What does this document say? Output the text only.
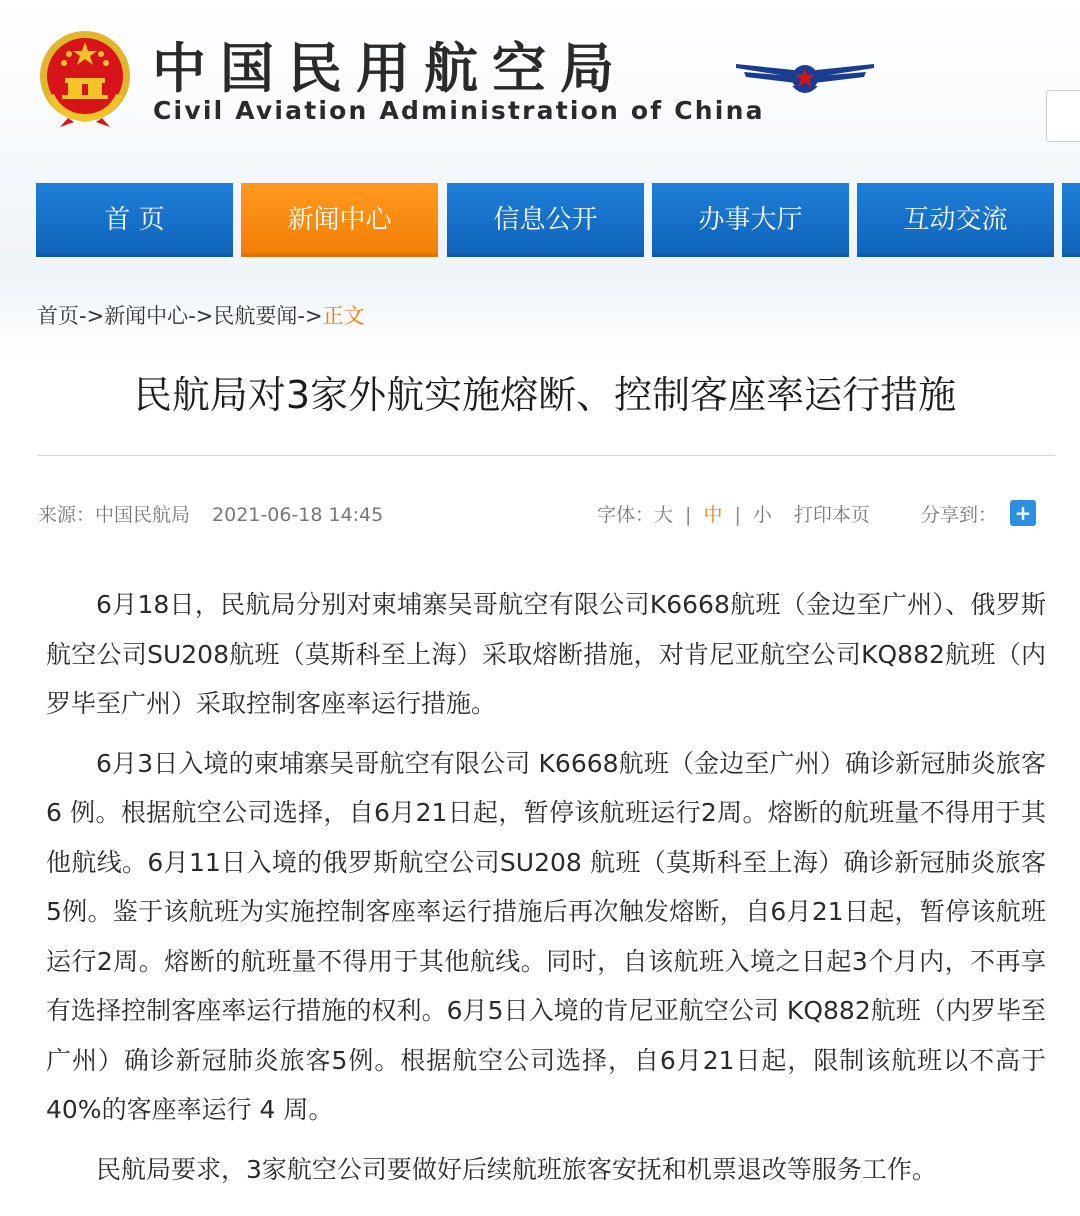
中国民用航空局
Civil Aviation Administration of China
首 页	新闻中心	信息公开	办事大厅	互动交流
首页->新闻中心->民航要闻->正文
民航局对3家外航实施熔断、控制客座率运行措施
来源：中国民航局 2021-06-18 14:45	字体：大 | 中 | 小 打印本页	分享到： +

6月18日，民航局分别对柬埔寨吴哥航空有限公司K6668航班（金边至广州）、俄罗斯航空公司SU208航班（莫斯科至上海）采取熔断措施，对肯尼亚航空公司KQ882航班（内罗毕至广州）采取控制客座率运行措施。

6月3日入境的柬埔寨吴哥航空有限公司 K6668航班（金边至广州）确诊新冠肺炎旅客 6 例。根据航空公司选择，自6月21日起，暂停该航班运行2周。熔断的航班量不得用于其他航线。6月11日入境的俄罗斯航空公司SU208 航班（莫斯科至上海）确诊新冠肺炎旅客5例。鉴于该航班为实施控制客座率运行措施后再次触发熔断，自6月21日起，暂停该航班运行2周。熔断的航班量不得用于其他航线。同时，自该航班入境之日起3个月内，不再享有选择控制客座率运行措施的权利。6月5日入境的肯尼亚航空公司 KQ882航班（内罗毕至广州）确诊新冠肺炎旅客5例。根据航空公司选择，自6月21日起，限制该航班以不高于40%的客座率运行 4 周。

民航局要求，3家航空公司要做好后续航班旅客安抚和机票退改等服务工作。
